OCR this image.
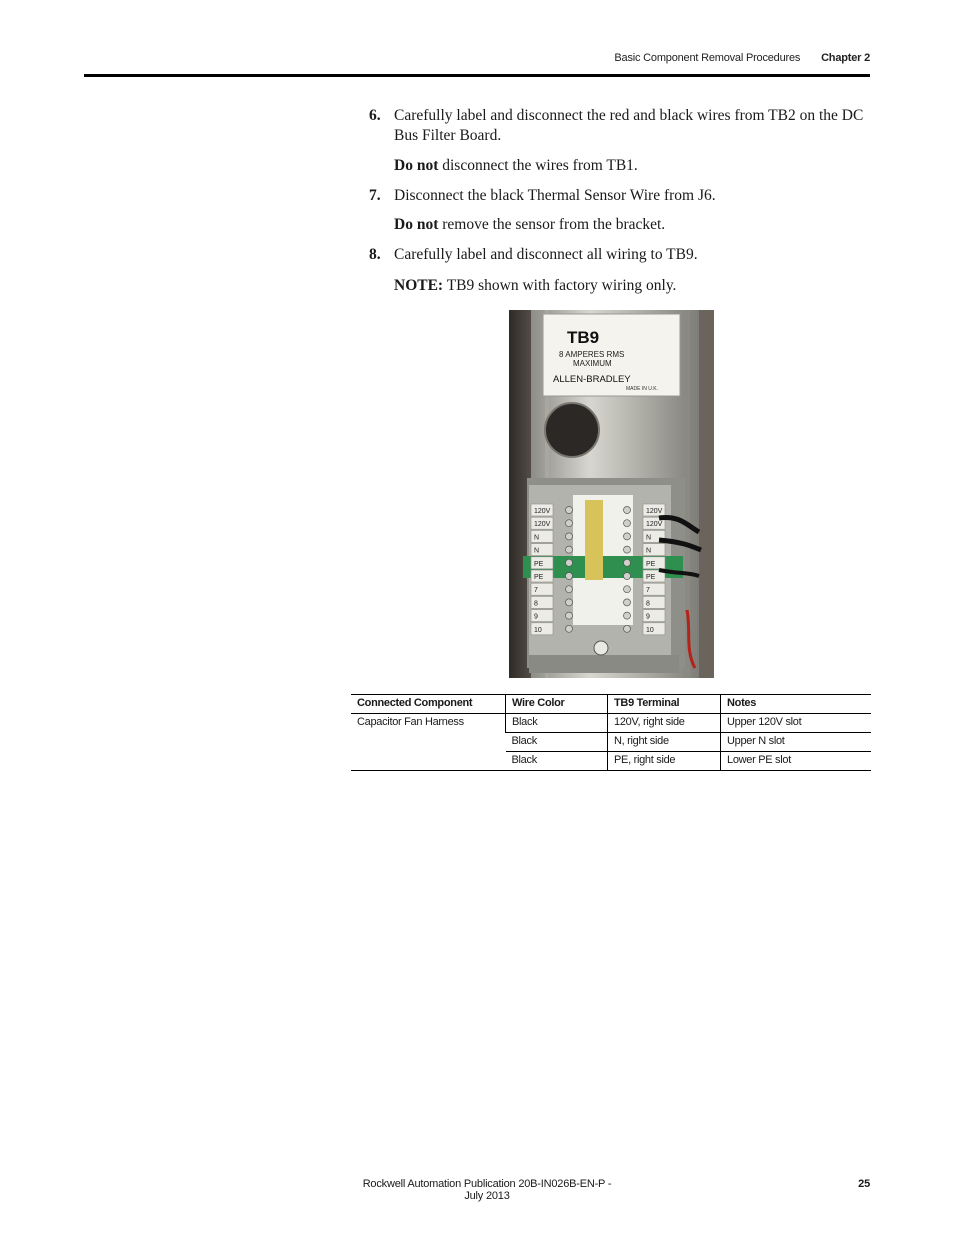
Basic Component Removal Procedures Chapter 2
6. Carefully label and disconnect the red and black wires from TB2 on the DC Bus Filter Board.
Do not disconnect the wires from TB1.
7. Disconnect the black Thermal Sensor Wire from J6.
Do not remove the sensor from the bracket.
8. Carefully label and disconnect all wiring to TB9.
NOTE: TB9 shown with factory wiring only.
TB9
8 AMPERES RMS
MAXIMUM
ALLEN-BRADLEY
MADE IN U.K.
120V	120V
120V	120V
N	N
N	N
PE	PE
PE	PE
7	7
8	8
9	9
10	10
Connected Component	Wire Color	TB9 Terminal	Notes
Capacitor Fan Harness	Black	120V, right side	Upper 120V slot
	Black	N, right side	Upper N slot
	Black	PE, right side	Lower PE slot
Rockwell Automation Publication 20B-IN026B-EN-P - July 2013
25
